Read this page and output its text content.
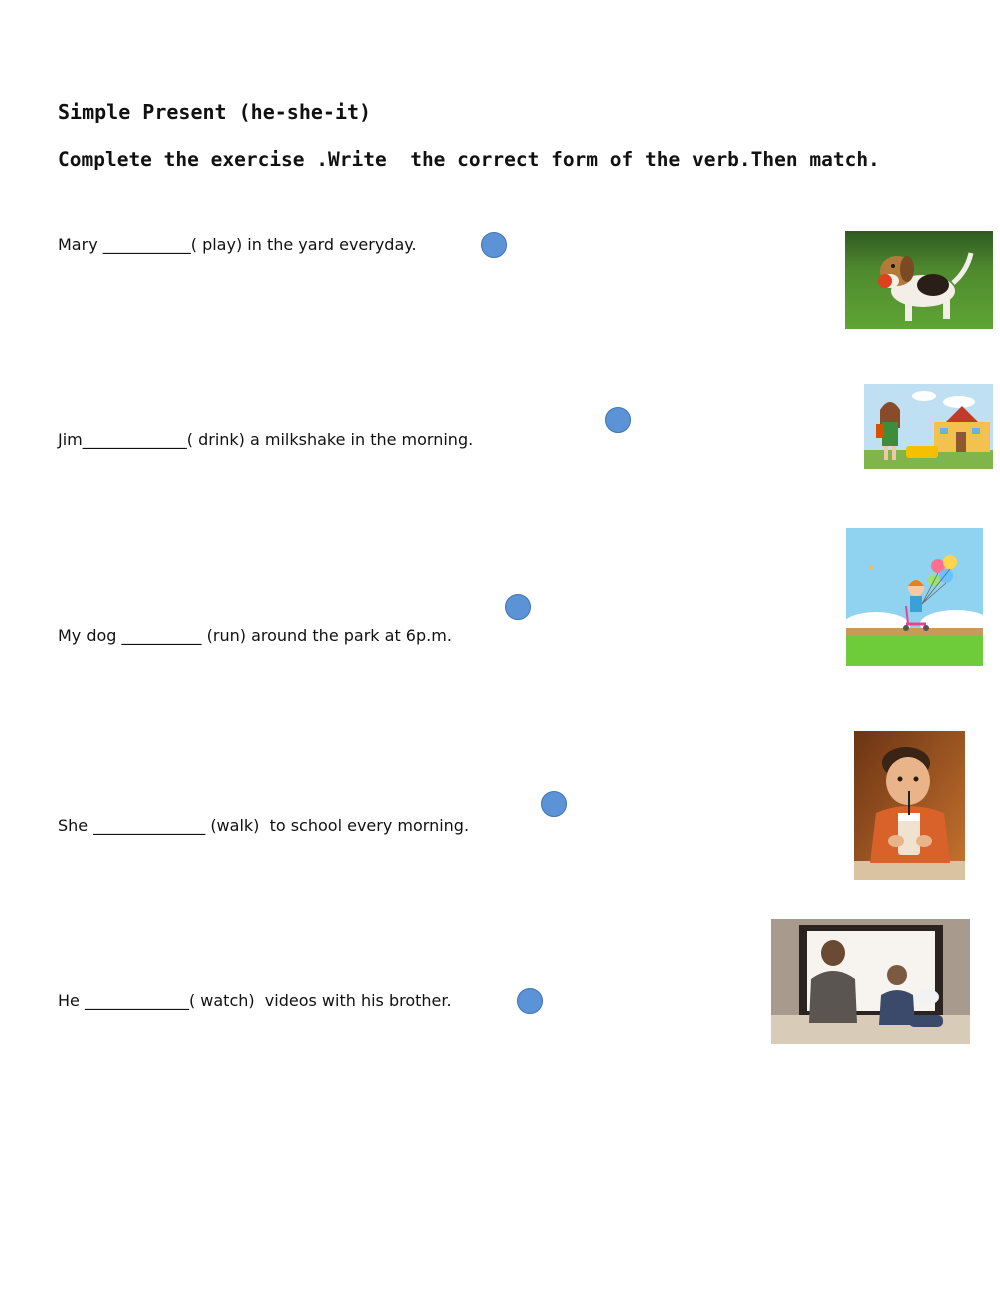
Simple Present (he-she-it)
Complete the exercise .Write  the correct form of the verb.Then match.
Mary ___________( play) in the yard everyday.
Jim_____________( drink) a milkshake in the morning.
My dog __________ (run) around the park at 6p.m.
She ______________ (walk)  to school every morning.
He _____________( watch)  videos with his brother.
